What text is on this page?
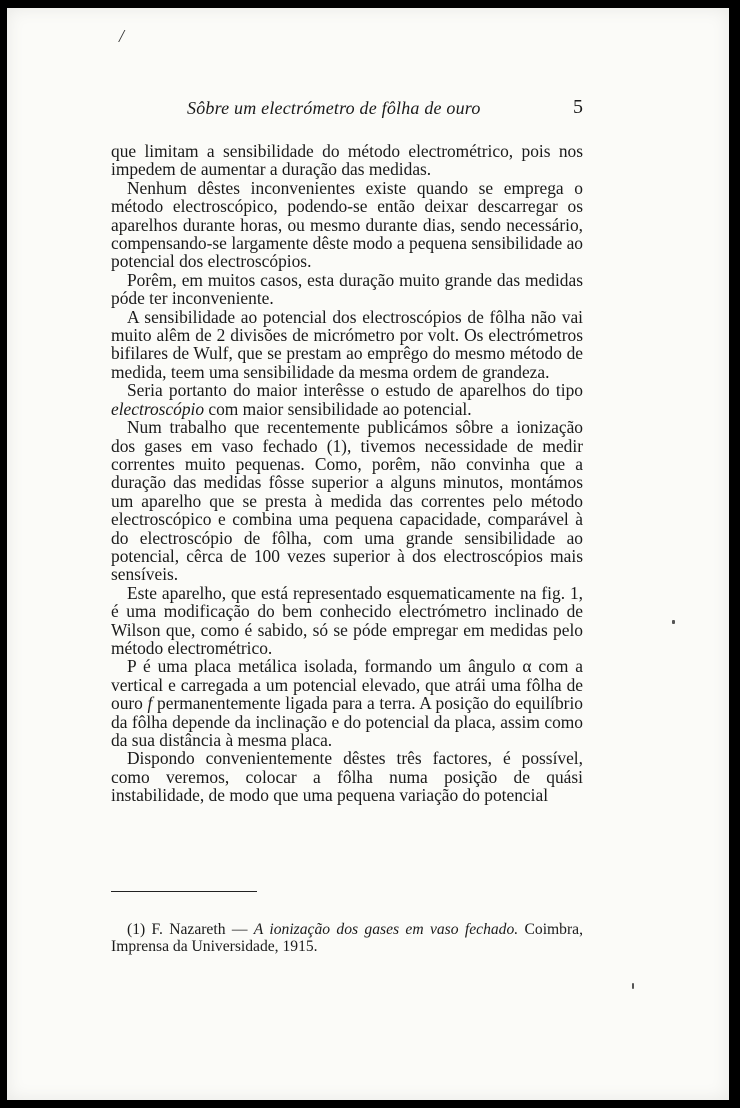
/
Sôbre um electrómetro de fôlha de ouro	5

que limitam a sensibilidade do método electrométrico, pois nos impedem de aumentar a duração das medidas.

Nenhum dêstes inconvenientes existe quando se emprega o método electroscópico, podendo-se então deixar descarregar os aparelhos durante horas, ou mesmo durante dias, sendo necessário, compensando-se largamente dêste modo a pequena sensibilidade ao potencial dos electroscópios.

Porêm, em muitos casos, esta duração muito grande das medidas póde ter inconveniente.

A sensibilidade ao potencial dos electroscópios de fôlha não vai muito alêm de 2 divisões de micrómetro por volt. Os electrómetros bifilares de Wulf, que se prestam ao emprêgo do mesmo método de medida, teem uma sensibilidade da mesma ordem de grandeza.

Seria portanto do maior interêsse o estudo de aparelhos do tipo electroscópio com maior sensibilidade ao potencial.

Num trabalho que recentemente publicámos sôbre a ionização dos gases em vaso fechado (1), tivemos necessidade de medir correntes muito pequenas. Como, porêm, não convinha que a duração das medidas fôsse superior a alguns minutos, montámos um aparelho que se presta à medida das correntes pelo método electroscópico e combina uma pequena capacidade, comparável à do electroscópio de fôlha, com uma grande sensibilidade ao potencial, cêrca de 100 vezes superior à dos electroscópios mais sensíveis.

Este aparelho, que está representado esquematicamente na fig. 1, é uma modificação do bem conhecido electrómetro inclinado de Wilson que, como é sabido, só se póde empregar em medidas pelo método electrométrico.

P é uma placa metálica isolada, formando um ângulo α com a vertical e carregada a um potencial elevado, que atrái uma fôlha de ouro f permanentemente ligada para a terra. A posição do equilíbrio da fôlha depende da inclinação e do potencial da placa, assim como da sua distância à mesma placa.

Dispondo convenientemente dêstes três factores, é possível, como veremos, colocar a fôlha numa posição de quási instabilidade, de modo que uma pequena variação do potencial

(1) F. Nazareth — A ionização dos gases em vaso fechado. Coimbra, Imprensa da Universidade, 1915.
